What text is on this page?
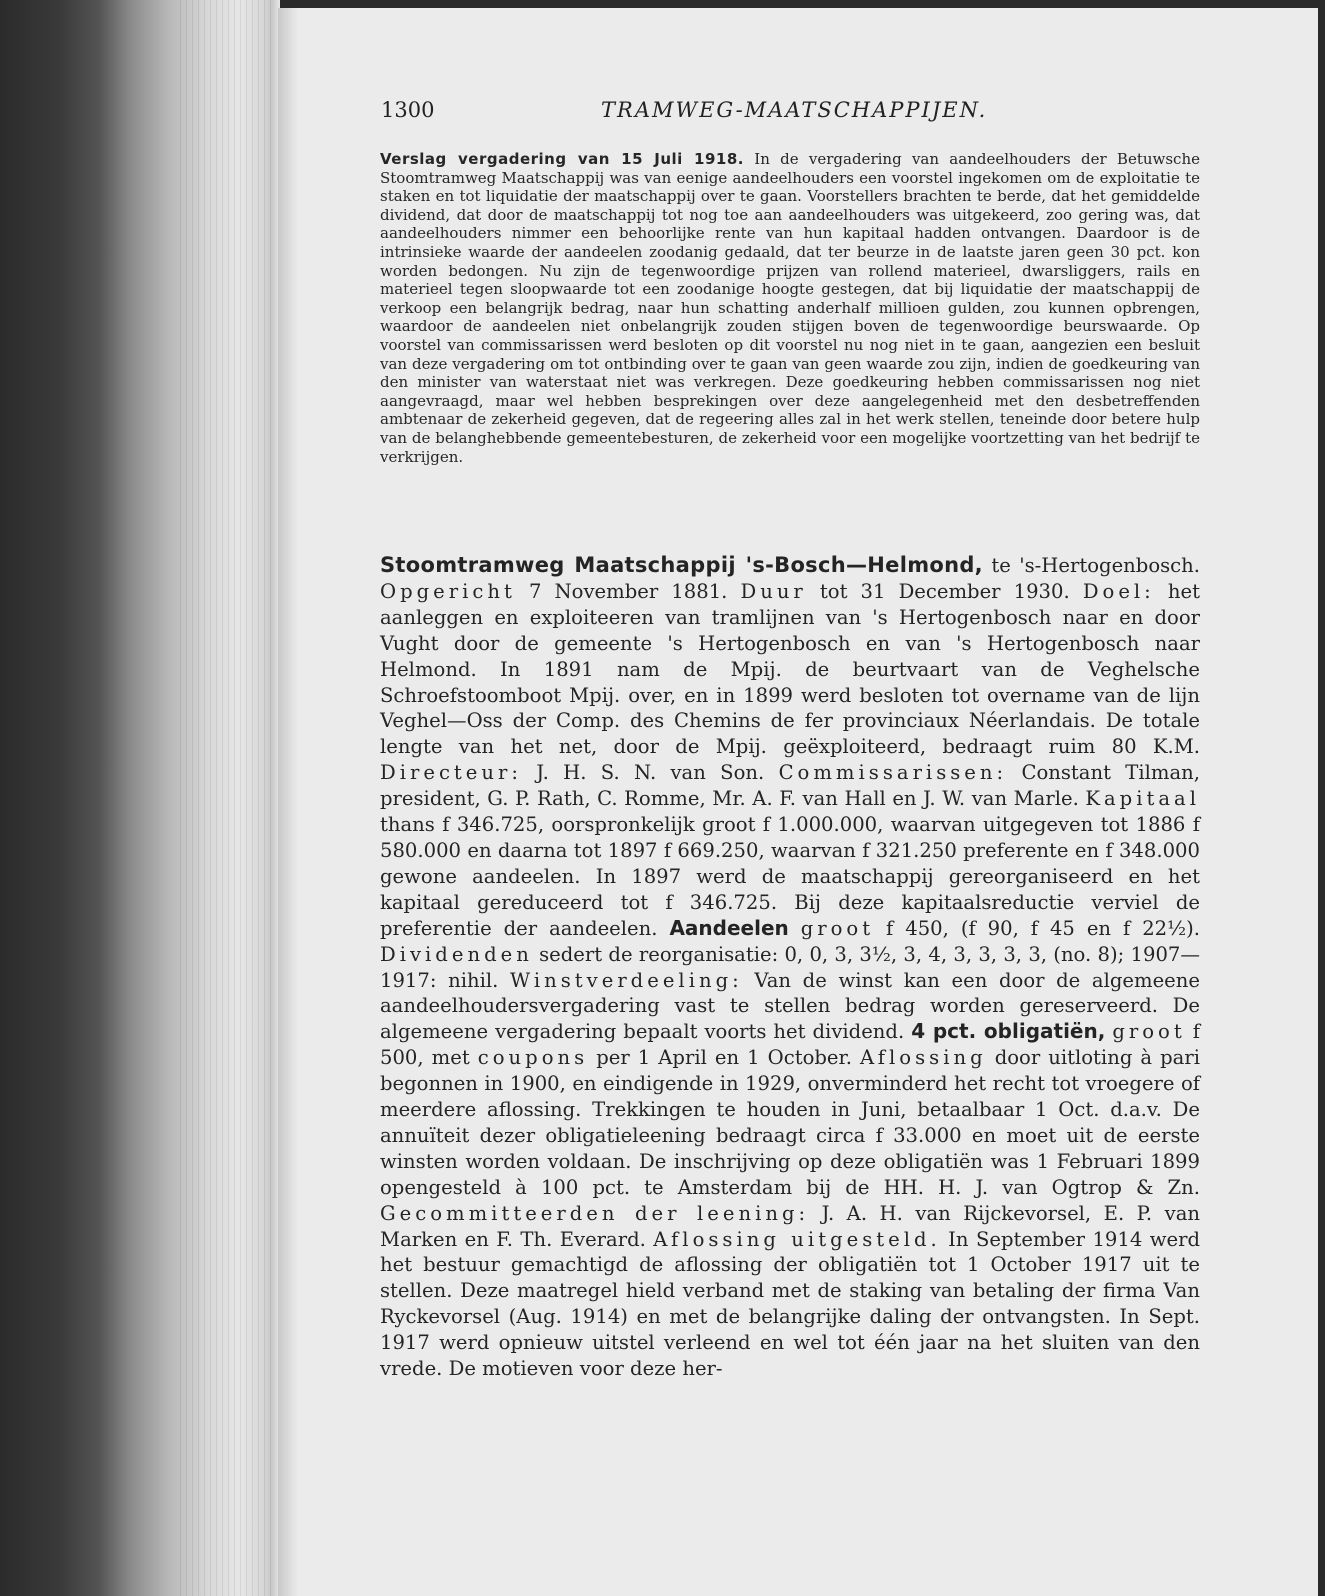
1300	TRAMWEG-MAATSCHAPPIJEN.
Verslag vergadering van 15 Juli 1918. In de vergadering van aandeelhouders der Betuwsche Stoomtramweg Maatschappij was van eenige aandeelhouders een voorstel ingekomen om de exploitatie te staken en tot liquidatie der maatschappij over te gaan. Voorstellers brachten te berde, dat het gemiddelde dividend, dat door de maatschappij tot nog toe aan aandeelhouders was uitgekeerd, zoo gering was, dat aandeelhouders nimmer een behoorlijke rente van hun kapitaal hadden ontvangen. Daardoor is de intrinsieke waarde der aandeelen zoodanig gedaald, dat ter beurze in de laatste jaren geen 30 pct. kon worden bedongen. Nu zijn de tegenwoordige prijzen van rollend materieel, dwarsliggers, rails en materieel tegen sloopwaarde tot een zoodanige hoogte gestegen, dat bij liquidatie der maatschappij de verkoop een belangrijk bedrag, naar hun schatting anderhalf millioen gulden, zou kunnen opbrengen, waardoor de aandeelen niet onbelangrijk zouden stijgen boven de tegenwoordige beurswaarde. Op voorstel van commissarissen werd besloten op dit voorstel nu nog niet in te gaan, aangezien een besluit van deze vergadering om tot ontbinding over te gaan van geen waarde zou zijn, indien de goedkeuring van den minister van waterstaat niet was verkregen. Deze goedkeuring hebben commissarissen nog niet aangevraagd, maar wel hebben besprekingen over deze aangelegenheid met den desbetreffenden ambtenaar de zekerheid gegeven, dat de regeering alles zal in het werk stellen, teneinde door betere hulp van de belanghebbende gemeentebesturen, de zekerheid voor een mogelijke voortzetting van het bedrijf te verkrijgen.
Stoomtramweg Maatschappij 's-Bosch—Helmond, te 's-Hertogenbosch. Opgericht 7 November 1881. Duur tot 31 December 1930. Doel: het aanleggen en exploiteeren van tramlijnen van 's Hertogenbosch naar en door Vught door de gemeente 's Hertogenbosch en van 's Hertogenbosch naar Helmond. In 1891 nam de Mpij. de beurtvaart van de Veghelsche Schroefstoomboot Mpij. over, en in 1899 werd besloten tot overname van de lijn Veghel—Oss der Comp. des Chemins de fer provinciaux Néerlandais. De totale lengte van het net, door de Mpij. geëxploiteerd, bedraagt ruim 80 K.M. Directeur: J. H. S. N. van Son. Commissarissen: Constant Tilman, president, G. P. Rath, C. Romme, Mr. A. F. van Hall en J. W. van Marle. Kapitaal thans f 346.725, oorspronkelijk groot f 1.000.000, waarvan uitgegeven tot 1886 f 580.000 en daarna tot 1897 f 669.250, waarvan f 321.250 preferente en f 348.000 gewone aandeelen. In 1897 werd de maatschappij gereorganiseerd en het kapitaal gereduceerd tot f 346.725. Bij deze kapitaalsreductie verviel de preferentie der aandeelen. Aandeelen groot f 450, (f 90, f 45 en f 22½). Dividenden sedert de reorganisatie: 0, 0, 3, 3½, 3, 4, 3, 3, 3, 3, (no. 8); 1907—1917: nihil. Winstverdeeling: Van de winst kan een door de algemeene aandeelhoudersvergadering vast te stellen bedrag worden gereserveerd. De algemeene vergadering bepaalt voorts het dividend. 4 pct. obligatiën, groot f 500, met coupons per 1 April en 1 October. Aflossing door uitloting à pari begonnen in 1900, en eindigende in 1929, onverminderd het recht tot vroegere of meerdere aflossing. Trekkingen te houden in Juni, betaalbaar 1 Oct. d.a.v. De annuïteit dezer obligatieleening bedraagt circa f 33.000 en moet uit de eerste winsten worden voldaan. De inschrijving op deze obligatiën was 1 Februari 1899 opengesteld à 100 pct. te Amsterdam bij de HH. H. J. van Ogtrop & Zn. Gecommitteerden der leening: J. A. H. van Rijckevorsel, E. P. van Marken en F. Th. Everard. Aflossing uitgesteld. In September 1914 werd het bestuur gemachtigd de aflossing der obligatiën tot 1 October 1917 uit te stellen. Deze maatregel hield verband met de staking van betaling der firma Van Ryckevorsel (Aug. 1914) en met de belangrijke daling der ontvangsten. In Sept. 1917 werd opnieuw uitstel verleend en wel tot één jaar na het sluiten van den vrede. De motieven voor deze her-
